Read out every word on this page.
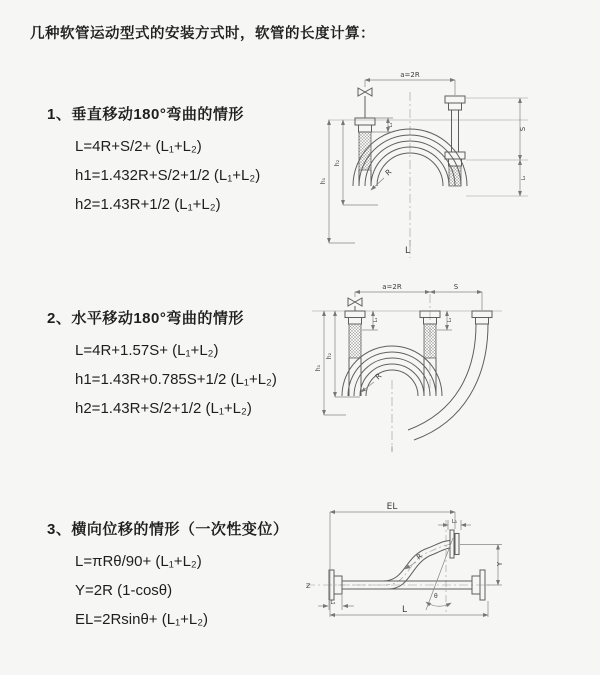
几种软管运动型式的安装方式时，软管的长度计算：
1、垂直移动180°弯曲的情形
L=4R+S/2+ (L₁+L₂)
h1=1.432R+S/2+1/2 (L₁+L₂)
h2=1.43R+1/2 (L₁+L₂)
2、水平移动180°弯曲的情形
L=4R+1.57S+ (L₁+L₂)
h1=1.43R+0.785S+1/2 (L₁+L₂)
h2=1.43R+S/2+1/2 (L₁+L₂)
3、横向位移的情形（一次性变位）
L=πRθ/90+ (L₁+L₂)
Y=2R (1-cosθ)
EL=2Rsinθ+ (L₁+L₂)
a=2R
h₁
h₂
S
L₂
L₁
R
L
a=2R	S
h₁
h₂
L₁	L₂
R
EL
L₁
Y
R
θ
Z
L
L₂
